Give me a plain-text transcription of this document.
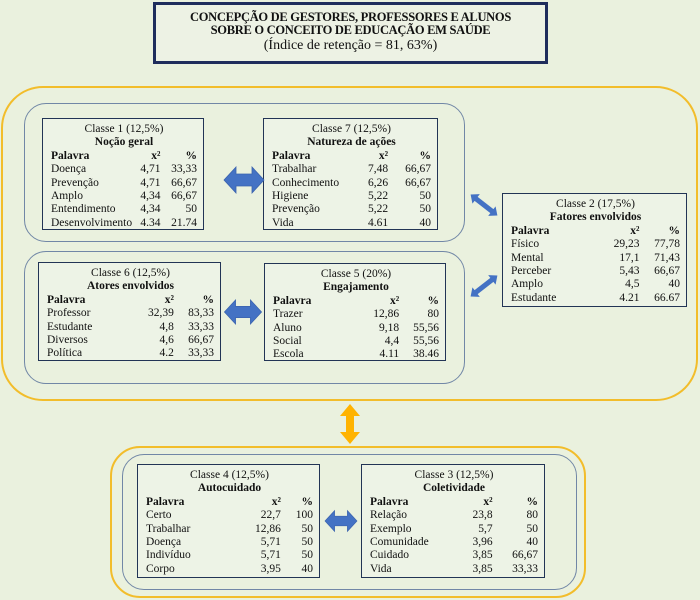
CONCEPÇÃO DE GESTORES, PROFESSORES E ALUNOS
SOBRE O CONCEITO DE EDUCAÇÃO EM SAÚDE
(Índice de retenção = 81, 63%)
Classe 1 (12,5%)
Noção geral
Palavra	x²	%
Doença	4,71	33,33
Prevenção	4,71	66,67
Amplo	4,34	66,67
Entendimento	4,34	50
Desenvolvimento	4.34	21.74
Classe 7 (12,5%)
Natureza de ações
Palavra	x²	%
Trabalhar	7,48	66,67
Conhecimento	6,26	66,67
Higiene	5,22	50
Prevenção	5,22	50
Vida	4.61	40
Classe 2 (17,5%)
Fatores envolvidos
Palavra	x²	%
Físico	29,23	77,78
Mental	17,1	71,43
Perceber	5,43	66,67
Amplo	4,5	40
Estudante	4.21	66.67
Classe 6 (12,5%)
Atores envolvidos
Palavra	x²	%
Professor	32,39	83,33
Estudante	4,8	33,33
Diversos	4,6	66,67
Política	4.2	33,33
Classe 5 (20%)
Engajamento
Palavra	x²	%
Trazer	12,86	80
Aluno	9,18	55,56
Social	4,4	55,56
Escola	4.11	38.46
Classe 4 (12,5%)
Autocuidado
Palavra	x²	%
Certo	22,7	100
Trabalhar	12,86	50
Doença	5,71	50
Indivíduo	5,71	50
Corpo	3,95	40
Classe 3 (12,5%)
Coletividade
Palavra	x²	%
Relação	23,8	80
Exemplo	5,7	50
Comunidade	3,96	40
Cuidado	3,85	66,67
Vida	3,85	33,33
